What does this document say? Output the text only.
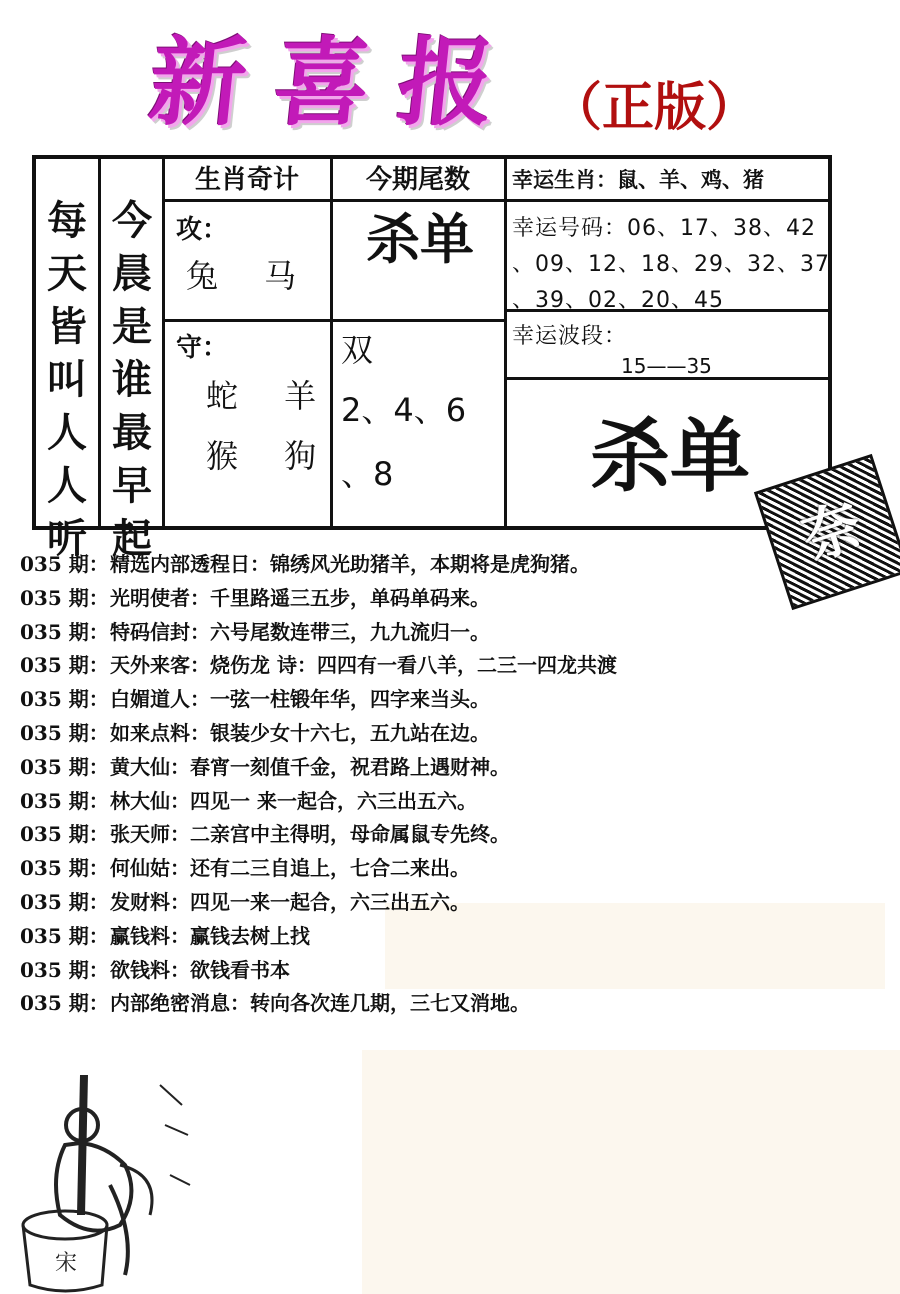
新喜报 （正版）
每天皆叫人人听
今晨是谁最早起
生肖奇计
攻：
兔 马
守：
蛇 羊
猴 狗
今期尾数
杀单
双
2、4、6
、8
幸运生肖：鼠、羊、鸡、猪
幸运号码：06、17、38、42
、09、12、18、29、32、37
、39、02、20、45
幸运波段：
15——35
杀单
奈
035 期：精选内部透程日：锦绣风光助猪羊，本期将是虎狗猪。
035 期：光明使者：千里路遥三五步，单码单码来。
035 期：特码信封：六号尾数连带三，九九流归一。
035 期：天外来客：烧伤龙 诗：四四有一看八羊，二三一四龙共渡
035 期：白媚道人：一弦一柱锻年华，四字来当头。
035 期：如来点料：银装少女十六七，五九站在边。
035 期：黄大仙：春宵一刻值千金，祝君路上遇财神。
035 期：林大仙：四见一 来一起合，六三出五六。
035 期：张天师：二亲宫中主得明，母命属鼠专先终。
035 期：何仙姑：还有二三自追上，七合二来出。
035 期：发财料：四见一来一起合，六三出五六。
035 期：赢钱料：赢钱去树上找
035 期：欲钱料：欲钱看书本
035 期：内部绝密消息：转向各次连几期，三七又消地。
宋
